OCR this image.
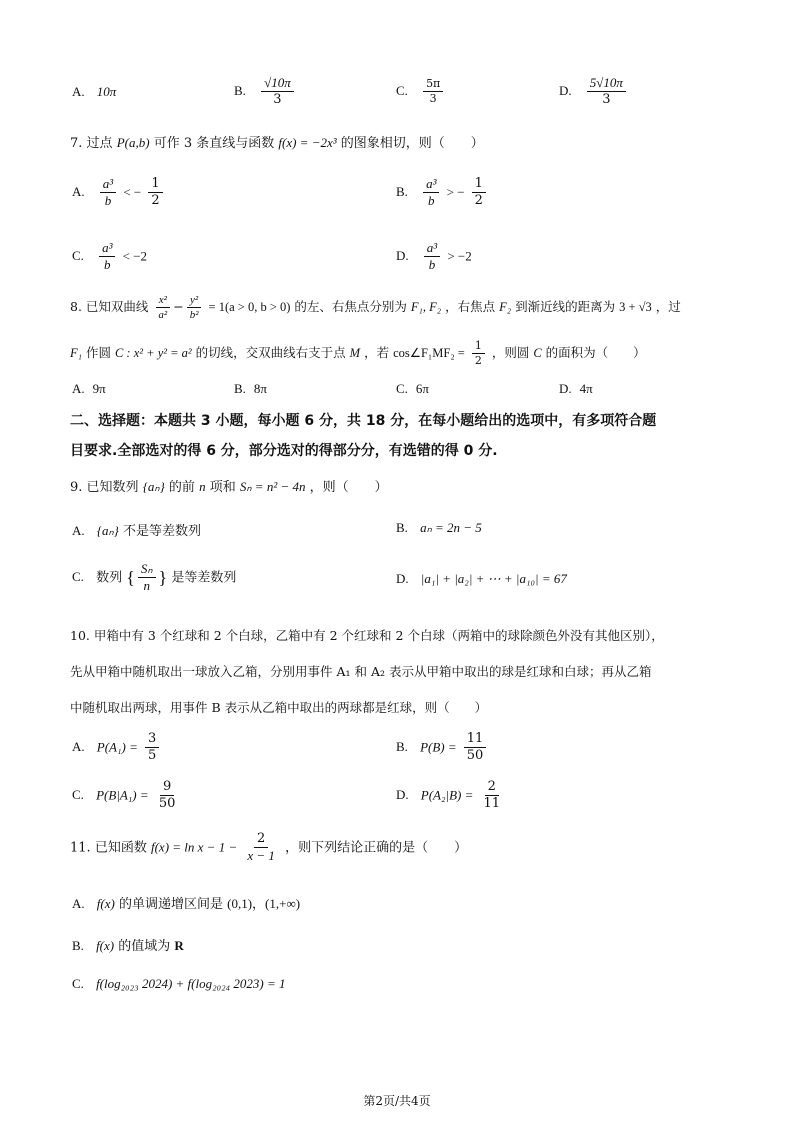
A. 10π	B. $\frac{√10\pi}{3}$	C. $\frac{5\pi}{3}$	D. $\frac{5√10\pi}{3}$
7. 过点 P(a,b) 可作 3 条直线与函数 f(x) = −2x³ 的图象相切，则（　　）
A. $\frac{\text{a³}}{b}$ < − $\frac{1}{2}$	B. $\frac{\text{a³}}{b}$ > − $\frac{1}{2}$
C. $\frac{\text{a³}}{b} < -2$	D. $\frac{\text{a³}}{b} > -2$
8. 已知双曲线 $\frac{\text{x²}}{\text{a²}} - \frac{\text{y²}}{\text{b²}} = 1(a > 0$, b > 0) 的左、右焦点分别为 F₁, F₂ ，右焦点 F₂ 到渐近线的距离为 3 + √3 ，过
F₁ 作圆 C : x² + y² = a² 的切线，交双曲线右支于点 M ，若 cos∠F₁MF₂ = $\frac{1}{2}$ ，则圆 C 的面积为（　　）
A. 9π	B. 8π	C. 6π	D. 4π
二、选择题：本题共 3 小题，每小题 6 分，共 18 分，在每小题给出的选项中，有多项符合题
目要求.全部选对的得 6 分，部分选对的得部分分，有选错的得 0 分.
9. 已知数列 {aₙ} 的前 n 项和 Sₙ = n² − 4n ，则（　　）
A. {aₙ} 不是等差数列	B. aₙ = 2n − 5
C. 数列 { $\frac{\text{Sₙ}}{n}$ } 是等差数列	D. |a₁| + |a₂| + ⋯ + |a₁₀| = 67
10. 甲箱中有 3 个红球和 2 个白球，乙箱中有 2 个红球和 2 个白球（两箱中的球除颜色外没有其他区别），
先从甲箱中随机取出一球放入乙箱，分别用事件 A₁ 和 A₂ 表示从甲箱中取出的球是红球和白球；再从乙箱
中随机取出两球，用事件 B 表示从乙箱中取出的两球都是红球，则（　　）
A. $P(A_1) = \frac{3}{5}$	B. $P(B) = \frac{11}{50}$
C. $P(B|A_1) = \frac{9}{50}$	D. $P(A_2|B) = \frac{2}{11}$
11. 已知函数 $f(x) = \ln x - 1 - \frac{2}{x - 1}$ ，则下列结论正确的是（　　）
A. f(x) 的单调递增区间是 (0,1)，(1,+∞)
B. f(x) 的值域为 R
C. f(log₂₀₂₃ 2024) + f(log₂₀₂₄ 2023) = 1
第2页/共4页
